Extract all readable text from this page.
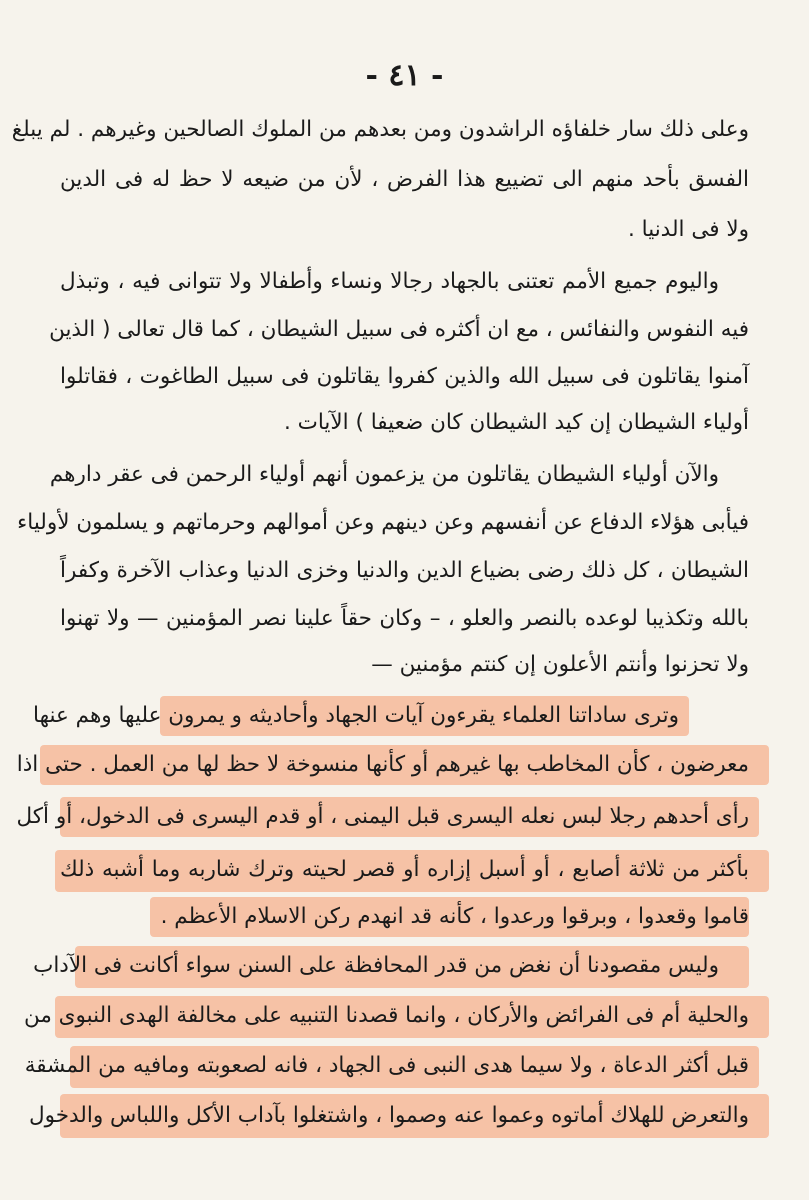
- ٤١ -
وعلى ذلك سار خلفاؤه الراشدون ومن بعدهم من الملوك الصالحين وغيرهم . لم يبلغ
الفسق بأحد منهم الى تضييع هذا الفرض ، لأن من ضيعه لا حظ له فى الدين
ولا فى الدنيا .
واليوم جميع الأمم تعتنى بالجهاد رجالا ونساء وأطفالا ولا تتوانى فيه ، وتبذل
فيه النفوس والنفائس ، مع ان أكثره فى سبيل الشيطان ، كما قال تعالى ( الذين
آمنوا يقاتلون فى سبيل الله والذين كفروا يقاتلون فى سبيل الطاغوت ، فقاتلوا
أولياء الشيطان إن كيد الشيطان كان ضعيفا ) الآيات .
والآن أولياء الشيطان يقاتلون من يزعمون أنهم أولياء الرحمن فى عقر دارهم
فيأبى هؤلاء الدفاع عن أنفسهم وعن دينهم وعن أموالهم وحرماتهم و يسلمون لأولياء
الشيطان ، كل ذلك رضى بضياع الدين والدنيا وخزى الدنيا وعذاب الآخرة وكفراً
بالله وتكذيبا لوعده بالنصر والعلو ، – وكان حقاً علينا نصر المؤمنين — ولا تهنوا
ولا تحزنوا وأنتم الأعلون إن كنتم مؤمنين —
وترى ساداتنا العلماء يقرءون آيات الجهاد وأحاديثه و يمرون عليها وهم عنها
معرضون ، كأن المخاطب بها غيرهم أو كأنها منسوخة لا حظ لها من العمل . حتى اذا
رأى أحدهم رجلا لبس نعله اليسرى قبل اليمنى ، أو قدم اليسرى فى الدخول، أو أكل
بأكثر من ثلاثة أصابع ، أو أسبل إزاره أو قصر لحيته وترك شاربه وما أشبه ذلك
قاموا وقعدوا ، وبرقوا ورعدوا ، كأنه قد انهدم ركن الاسلام الأعظم .
وليس مقصودنا أن نغض من قدر المحافظة على السنن سواء أكانت فى الآداب
والحلية أم فى الفرائض والأركان ، وانما قصدنا التنبيه على مخالفة الهدى النبوى من
قبل أكثر الدعاة ، ولا سيما هدى النبى فى الجهاد ، فانه لصعوبته ومافيه من المشقة
والتعرض للهلاك أماتوه وعموا عنه وصموا ، واشتغلوا بآداب الأكل واللباس والدخول
